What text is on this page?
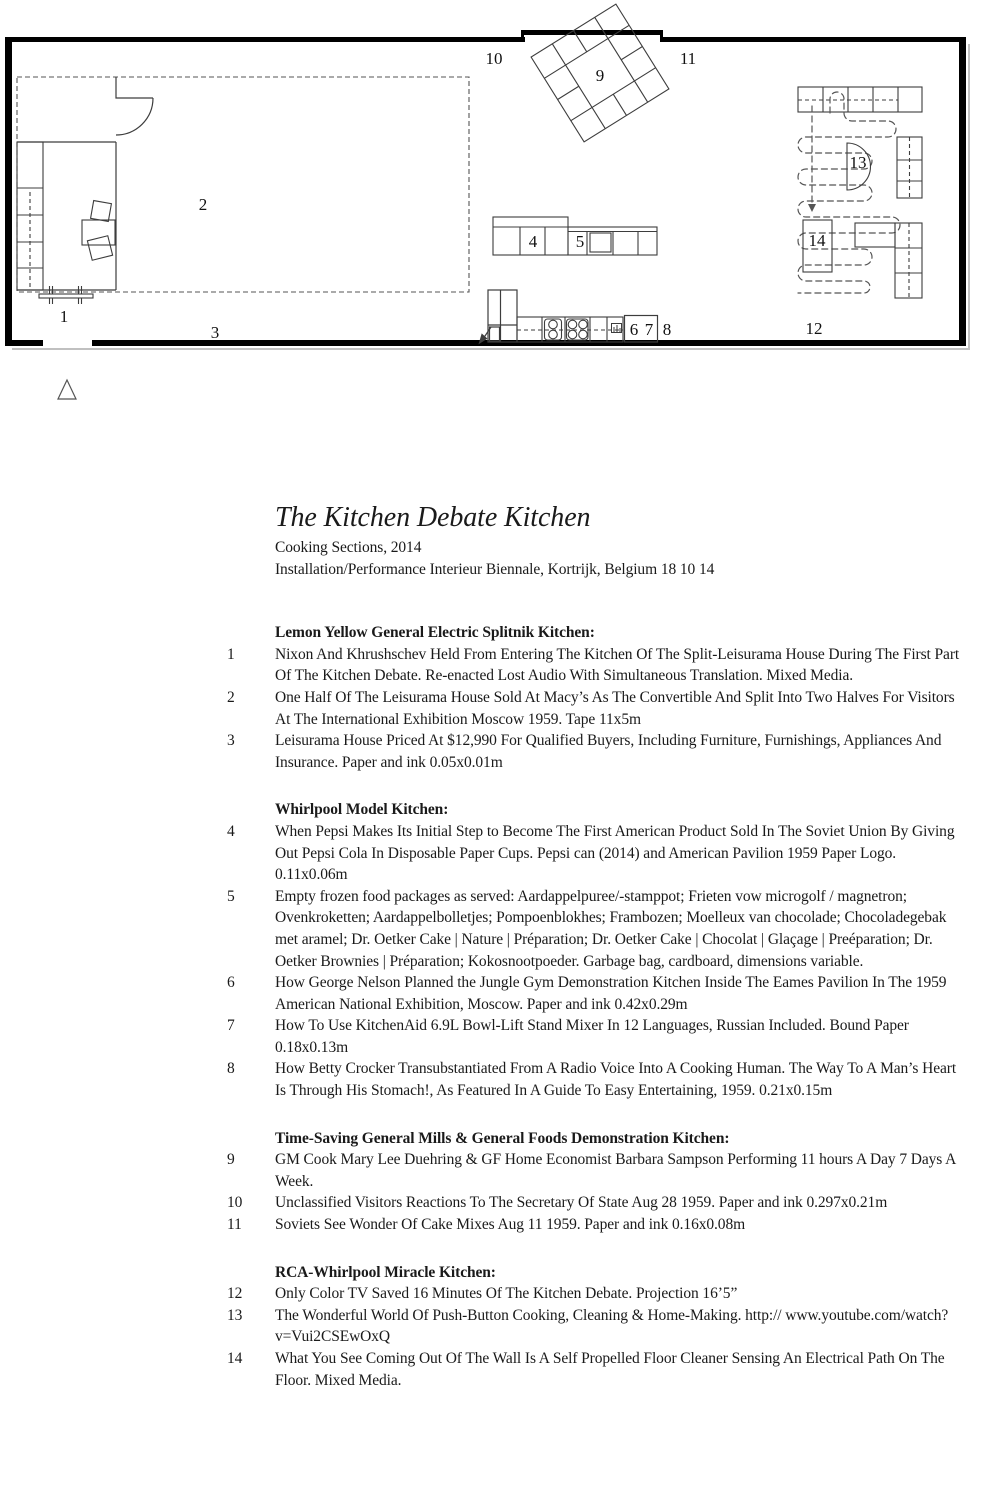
1
2
3
4 5
6 7 8
9
10	11
12
13
14
The Kitchen Debate Kitchen
Cooking Sections, 2014
Installation/Performance Interieur Biennale, Kortrijk, Belgium 18 10 14
Lemon Yellow General Electric Splitnik Kitchen:
1	Nixon And Khrushschev Held From Entering The Kitchen Of The Split-Leisurama House During The First Part Of The Kitchen Debate. Re-enacted Lost Audio With Simultaneous Translation. Mixed Media.
2	One Half Of The Leisurama House Sold At Macy’s As The Convertible And Split Into Two Halves For Visitors At The International Exhibition Moscow 1959. Tape 11x5m
3	Leisurama House Priced At $12,990 For Qualified Buyers, Including Furniture, Furnishings, Appliances And Insurance. Paper and ink 0.05x0.01m
Whirlpool Model Kitchen:
4	When Pepsi Makes Its Initial Step to Become The First American Product Sold In The Soviet Union By Giving Out Pepsi Cola In Disposable Paper Cups. Pepsi can (2014) and American Pavilion 1959 Paper Logo. 0.11x0.06m
5	Empty frozen food packages as served: Aardappelpuree/-stamppot; Frieten vow microgolf / magnetron; Ovenkroketten; Aardappelbolletjes; Pompoenblokhes; Frambozen; Moelleux van chocolade; Chocoladegebak met aramel; Dr. Oetker Cake | Nature | Préparation; Dr. Oetker Cake | Chocolat | Glaçage | Preéparation; Dr. Oetker Brownies | Préparation; Kokosnootpoeder. Garbage bag, cardboard, dimensions variable.
6	How George Nelson Planned the Jungle Gym Demonstration Kitchen Inside The Eames Pavilion In The 1959 American National Exhibition, Moscow. Paper and ink 0.42x0.29m
7	How To Use KitchenAid 6.9L Bowl-Lift Stand Mixer In 12 Languages, Russian Included. Bound Paper 0.18x0.13m
8	How Betty Crocker Transubstantiated From A Radio Voice Into A Cooking Human. The Way To A Man’s Heart Is Through His Stomach!, As Featured In A Guide To Easy Entertaining, 1959. 0.21x0.15m
Time-Saving General Mills & General Foods Demonstration Kitchen:
9	GM Cook Mary Lee Duehring & GF Home Economist Barbara Sampson Performing 11 hours A Day 7 Days A Week.
10	Unclassified Visitors Reactions To The Secretary Of State Aug 28 1959. Paper and ink 0.297x0.21m
11	Soviets See Wonder Of Cake Mixes Aug 11 1959. Paper and ink 0.16x0.08m
RCA-Whirlpool Miracle Kitchen:
12	Only Color TV Saved 16 Minutes Of The Kitchen Debate. Projection 16’5”
13	The Wonderful World Of Push-Button Cooking, Cleaning & Home-Making. http:// www.youtube.com/watch?v=Vui2CSEwOxQ
14	What You See Coming Out Of The Wall Is A Self Propelled Floor Cleaner Sensing An Electrical Path On The Floor. Mixed Media.
